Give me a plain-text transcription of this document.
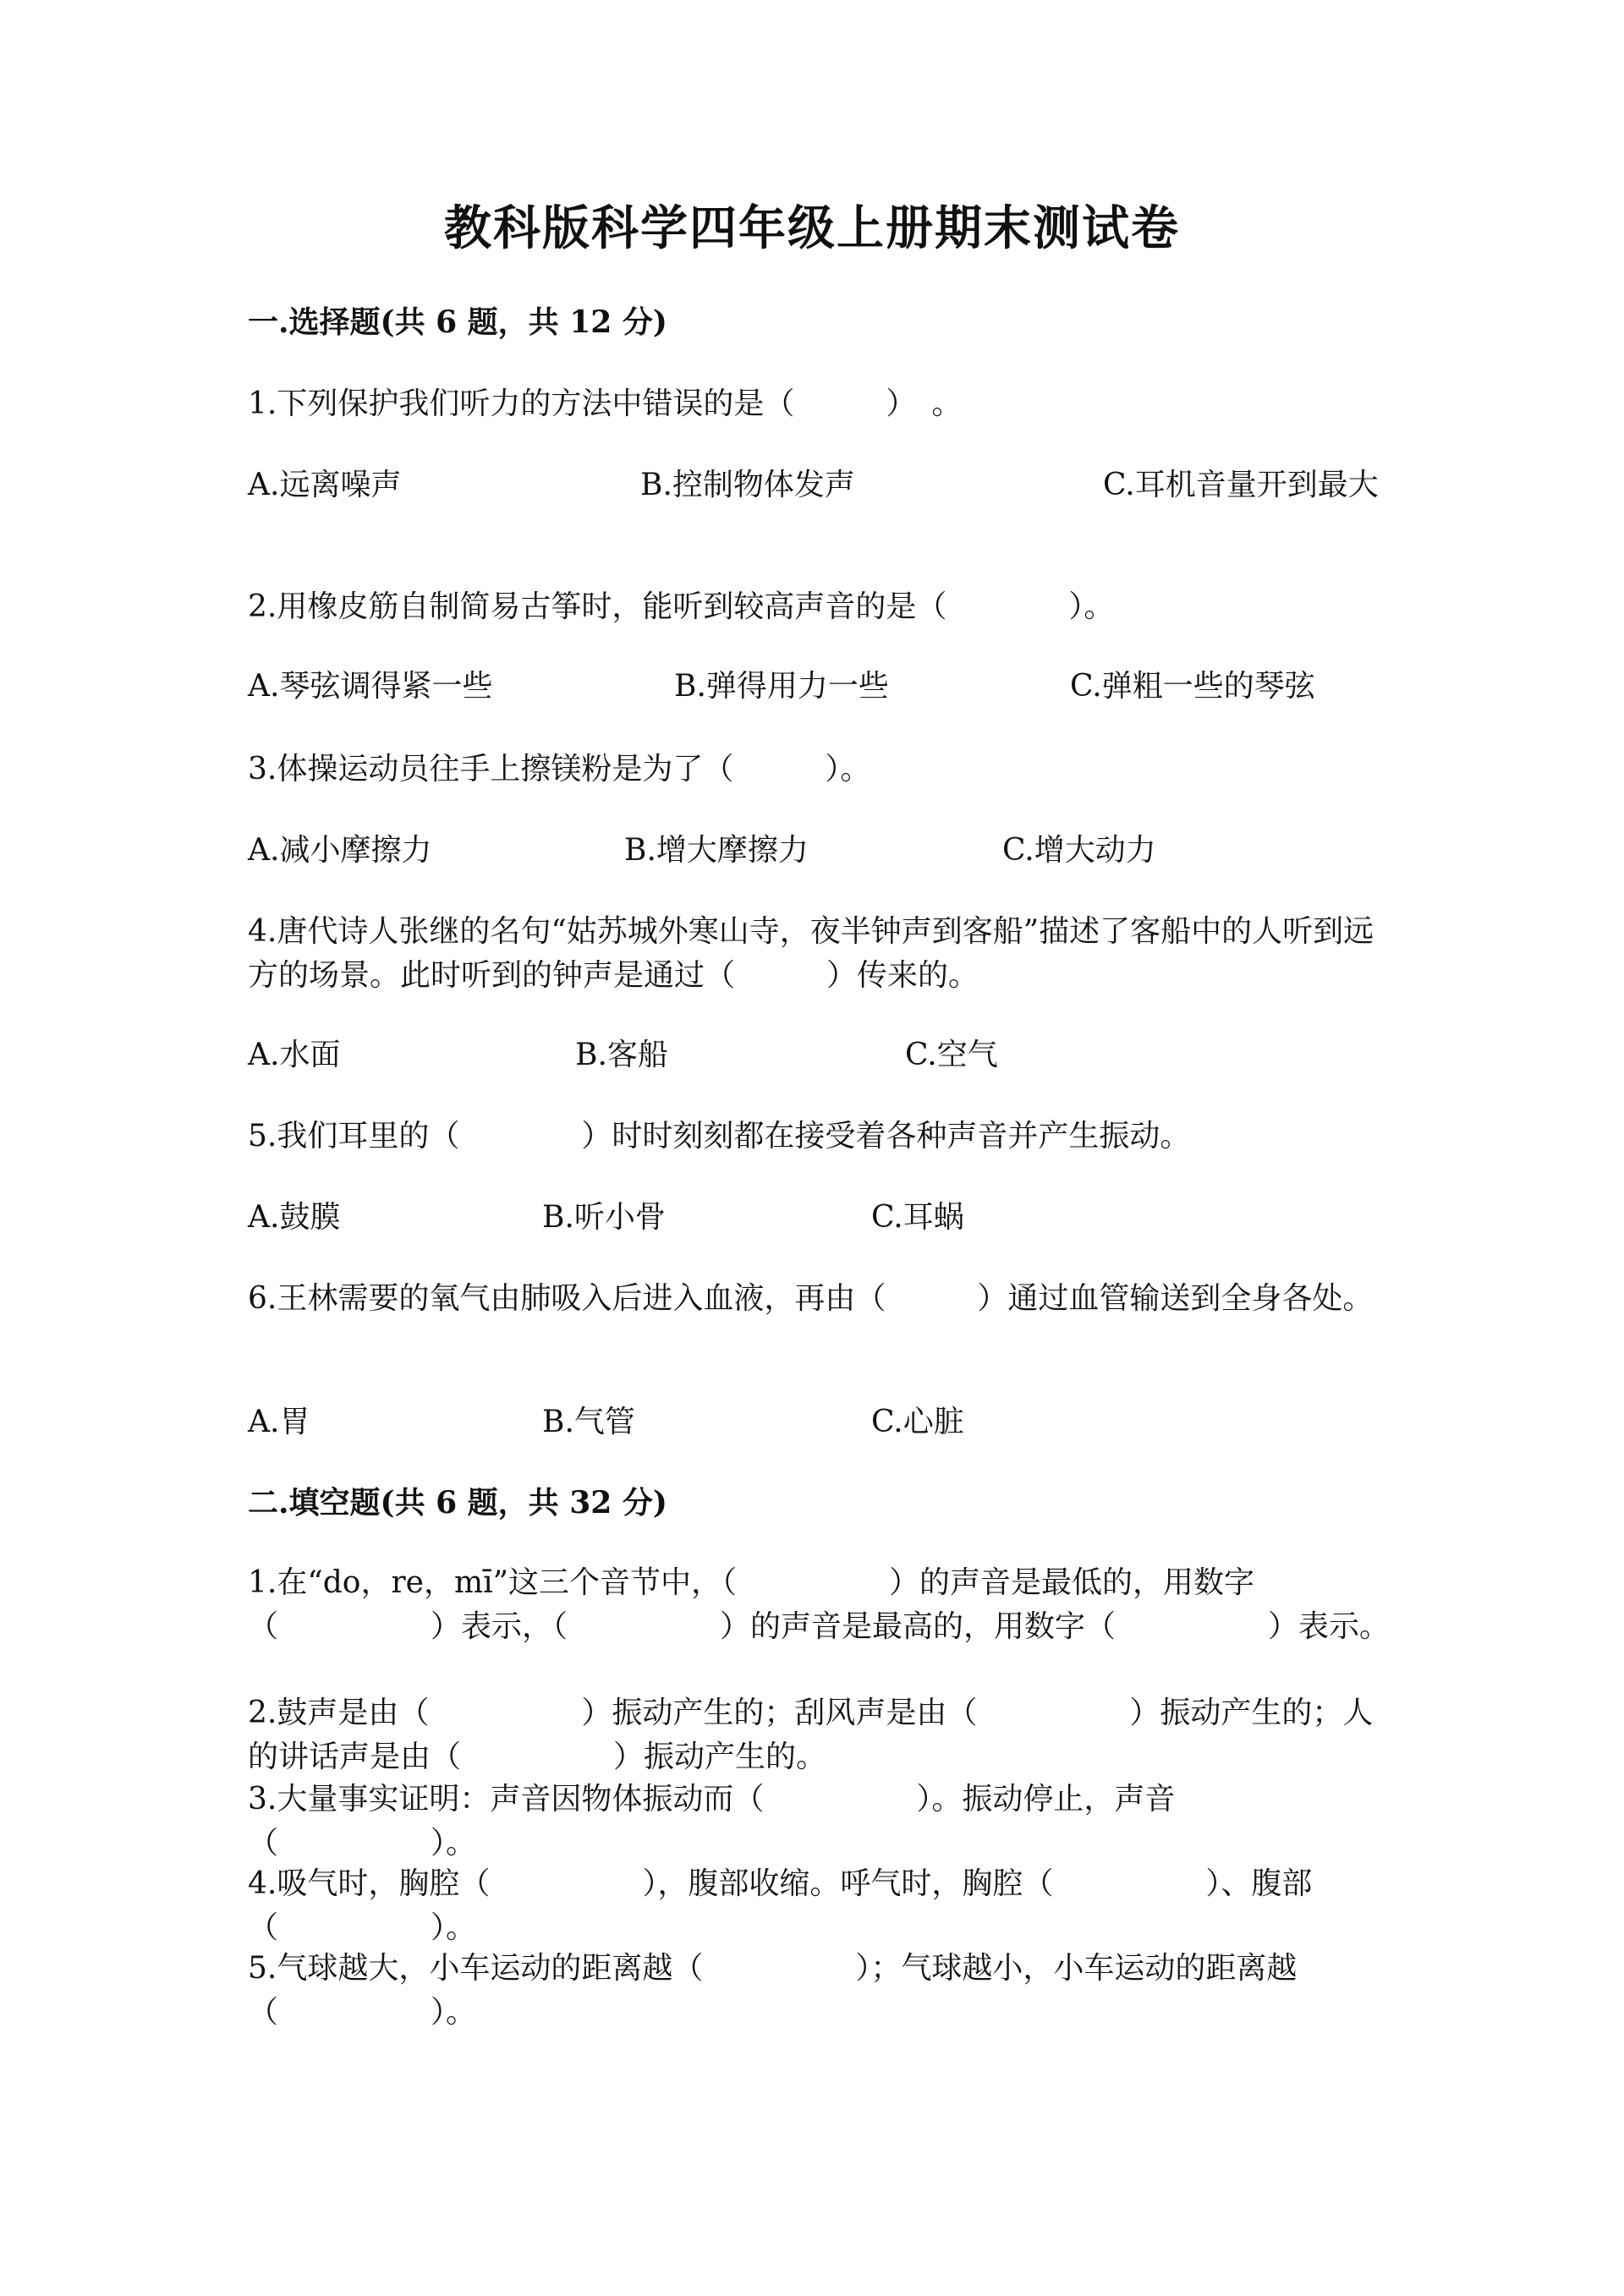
教科版科学四年级上册期末测试卷
一.选择题(共 6 题，共 12 分)
1.下列保护我们听力的方法中错误的是（　　　）　。
A.远离噪声	B.控制物体发声	C.耳机音量开到最大
2.用橡皮筋自制简易古筝时，能听到较高声音的是（　　　　）。
A.琴弦调得紧一些	B.弹得用力一些	C.弹粗一些的琴弦
3.体操运动员往手上擦镁粉是为了（　　　）。
A.减小摩擦力	B.增大摩擦力	C.增大动力
4.唐代诗人张继的名句“姑苏城外寒山寺，夜半钟声到客船”描述了客船中的人听到远方的场景。此时听到的钟声是通过（　　　）传来的。
A.水面	B.客船	C.空气
5.我们耳里的（　　　　）时时刻刻都在接受着各种声音并产生振动。
A.鼓膜	B.听小骨	C.耳蜗
6.王林需要的氧气由肺吸入后进入血液，再由（　　　）通过血管输送到全身各处。
A.胃	B.气管	C.心脏
二.填空题(共 6 题，共 32 分)
1.在“do，re，mī”这三个音节中，（　　　　　）的声音是最低的，用数字（　　　　　）表示，（　　　　　）的声音是最高的，用数字（　　　　　）表示。
2.鼓声是由（　　　　　）振动产生的；刮风声是由（　　　　　）振动产生的；人的讲话声是由（　　　　　）振动产生的。
3.大量事实证明：声音因物体振动而（　　　　　）。振动停止，声音（　　　　　）。
4.吸气时，胸腔（　　　　　），腹部收缩。呼气时，胸腔（　　　　　）、腹部（　　　　　）。
5.气球越大，小车运动的距离越（　　　　　）；气球越小，小车运动的距离越（　　　　　）。
